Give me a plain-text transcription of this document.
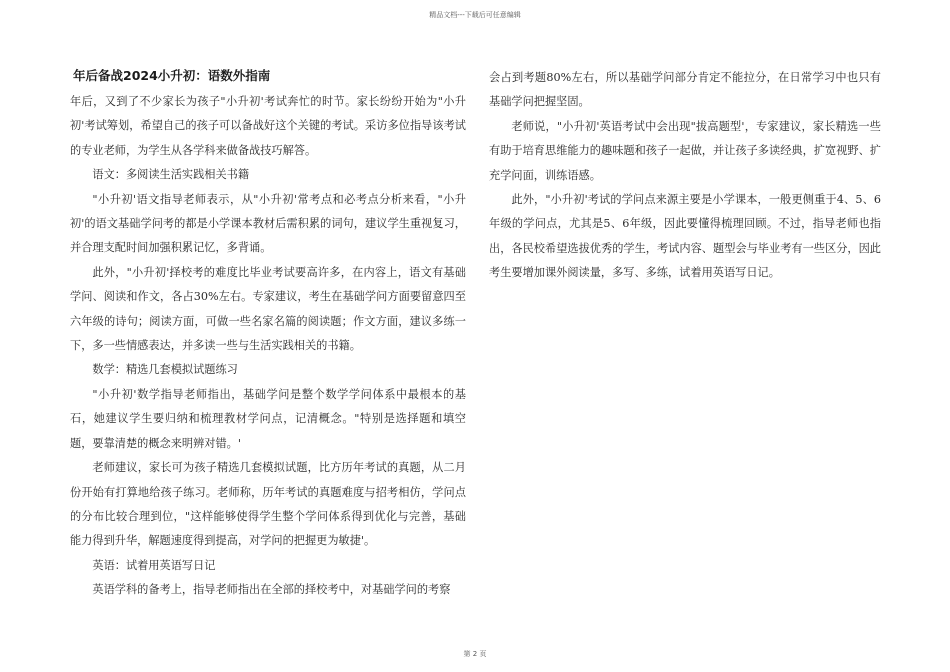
精品文档---下载后可任意编辑
年后备战2024小升初：语数外指南

年后，又到了不少家长为孩子"小升初'考试奔忙的时节。家长纷纷开始为"小升初'考试筹划，希望自己的孩子可以备战好这个关键的考试。采访多位指导该考试的专业老师，为学生从各学科来做备战技巧解答。

语文：多阅读生活实践相关书籍

"小升初'语文指导老师表示，从"小升初'常考点和必考点分析来看，"小升初'的语文基础学问考的都是小学课本教材后需积累的词句，建议学生重视复习，并合理支配时间加强积累记忆，多背诵。

此外，"小升初'择校考的难度比毕业考试要高许多，在内容上，语文有基础学问、阅读和作文，各占30%左右。专家建议，考生在基础学问方面要留意四至六年级的诗句；阅读方面，可做一些名家名篇的阅读题；作文方面，建议多练一下，多一些情感表达，并多读一些与生活实践相关的书籍。

数学：精选几套模拟试题练习

"小升初'数学指导老师指出，基础学问是整个数学学问体系中最根本的基石，她建议学生要归纳和梳理教材学问点，记清概念。"特别是选择题和填空题，要靠清楚的概念来明辨对错。'

老师建议，家长可为孩子精选几套模拟试题，比方历年考试的真题，从二月份开始有打算地给孩子练习。老师称，历年考试的真题难度与招考相仿，学问点的分布比较合理到位，"这样能够使得学生整个学问体系得到优化与完善，基础能力得到升华，解题速度得到提高，对学问的把握更为敏捷'。

英语：试着用英语写日记

英语学科的备考上，指导老师指出在全部的择校考中，对基础学问的考察

会占到考题80%左右，所以基础学问部分肯定不能拉分，在日常学习中也只有基础学问把握坚固。

老师说，"小升初'英语考试中会出现"拔高题型'，专家建议，家长精选一些有助于培育思维能力的趣味题和孩子一起做，并让孩子多读经典，扩宽视野、扩充学问面，训练语感。

此外，"小升初'考试的学问点来源主要是小学课本，一般更侧重于4、5、6年级的学问点，尤其是5、6年级，因此要懂得梳理回顾。不过，指导老师也指出，各民校希望选拔优秀的学生，考试内容、题型会与毕业考有一些区分，因此考生要增加课外阅读量，多写、多练，试着用英语写日记。

第 2 页
